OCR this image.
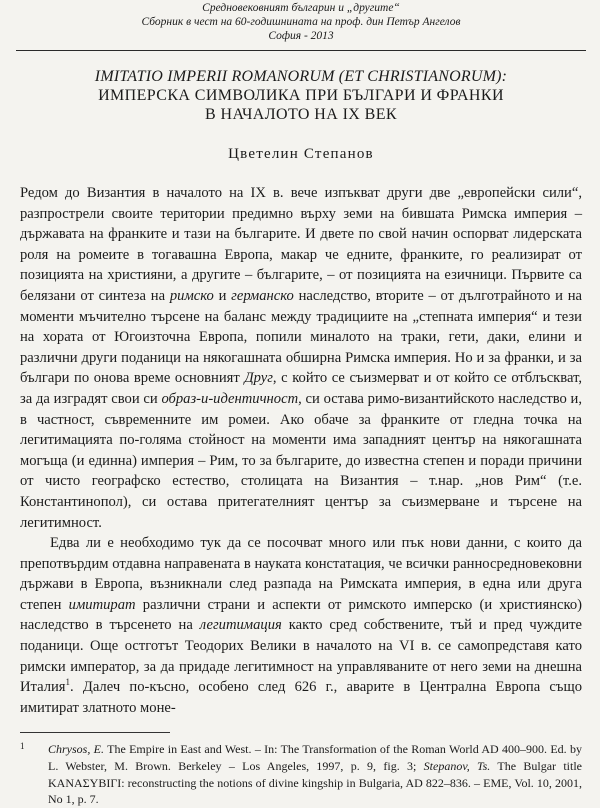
Средновековният българин и „другите“
Сборник в чест на 60-годишнината на проф. дин Петър Ангелов
София - 2013
IMITATIO IMPERII ROMANORUM (ET CHRISTIANORUM):
ИМПЕРСКА СИМВОЛИКА ПРИ БЪЛГАРИ И ФРАНКИ
В НАЧАЛОТО НА IX ВЕК
Цветелин Степанов

Редом до Византия в началото на IX в. вече изпъкват други две „европейски сили“, разпрострели своите територии предимно върху земи на бившата Римска империя – държавата на франките и тази на българите. И двете по свой начин оспорват лидерската роля на ромеите в тогавашна Европа, макар че едните, франките, го реализират от позицията на християни, а другите – българите, – от позицията на езичници. Първите са белязани от синтеза на римско и германско наследство, вторите – от дълготрайното и на моменти мъчително търсене на баланс между традициите на „степната империя“ и тези на хората от Югоизточна Европа, попили миналото на траки, гети, даки, елини и различни други поданици на някогашната обширна Римска империя. Но и за франки, и за българи по онова време основният Друг, с който се съизмерват и от който се отблъскват, за да изградят свои си образ-и-идентичност, си остава римо-византийското наследство и, в частност, съвременните им ромеи. Ако обаче за франките от гледна точка на легитимацията по-голяма стойност на моменти има западният център на някогашната могъща (и единна) империя – Рим, то за българите, до известна степен и поради причини от чисто географско естество, столицата на Византия – т.нар. „нов Рим“ (т.е. Константинопол), си остава притегателният център за съизмерване и търсене на легитимност.

Едва ли е необходимо тук да се посочват много или пък нови данни, с които да препотвърдим отдавна направената в науката констатация, че всички ранносредновековни държави в Европа, възникнали след разпада на Римската империя, в една или друга степен имитират различни страни и аспекти от римското имперско (и християнско) наследство в търсенето на легитимация както сред собствените, тъй и пред чуждите поданици. Още остготът Теодорих Велики в началото на VI в. се самопредставя като римски император, за да придаде легитимност на управляваните от него земи на днешна Италия$^1$. Далеч по-късно, особено след 626 г., аварите в Централна Европа също имитират златното моне-

1 Chrysos, E. The Empire in East and West. – In: The Transformation of the Roman World AD 400–900. Ed. by L. Webster, M. Brown. Berkeley – Los Angeles, 1997, p. 9, fig. 3; Stepanov, Ts. The Bulgar title ΚΑΝΑΣΥΒΙΓΙ: reconstructing the notions of divine kingship in Bulgaria, AD 822–836. – EME, Vol. 10, 2001, No 1, p. 7.
